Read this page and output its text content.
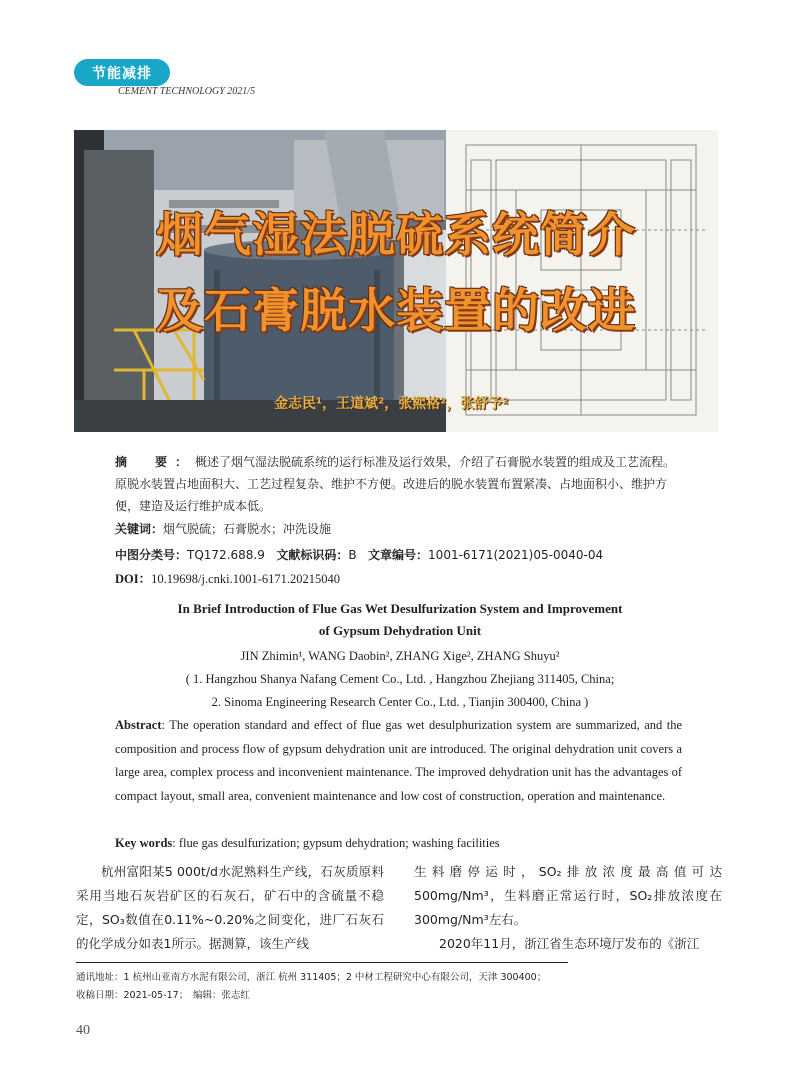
节能减排
CEMENT TECHNOLOGY 2021/5
烟气湿法脱硫系统简介
及石膏脱水装置的改进
金志民¹，王道斌²，张熙格²，张舒予²
摘　要：概述了烟气湿法脱硫系统的运行标准及运行效果，介绍了石膏脱水装置的组成及工艺流程。原脱水装置占地面积大、工艺过程复杂、维护不方便。改进后的脱水装置布置紧凑、占地面积小、维护方便，建造及运行维护成本低。
关键词：烟气脱硫；石膏脱水；冲洗设施
中图分类号：TQ172.688.9 文献标识码：B 文章编号：1001-6171(2021)05-0040-04
DOI：10.19698/j.cnki.1001-6171.20215040
In Brief Introduction of Flue Gas Wet Desulfurization System and Improvement
of Gypsum Dehydration Unit
JIN Zhimin¹, WANG Daobin², ZHANG Xige², ZHANG Shuyu²
( 1. Hangzhou Shanya Nafang Cement Co., Ltd. , Hangzhou Zhejiang 311405, China;
2. Sinoma Engineering Research Center Co., Ltd. , Tianjin 300400, China )
Abstract: The operation standard and effect of flue gas wet desulphurization system are summarized, and the composition and process flow of gypsum dehydration unit are introduced. The original dehydration unit covers a large area, complex process and inconvenient maintenance. The improved dehydration unit has the advantages of compact layout, small area, convenient maintenance and low cost of construction, operation and maintenance.
Key words: flue gas desulfurization; gypsum dehydration; washing facilities

杭州富阳某5 000t/d水泥熟料生产线，石灰质原料采用当地石灰岩矿区的石灰石，矿石中的含硫量不稳定，SO₃数值在0.11%~0.20%之间变化，进厂石灰石的化学成分如表1所示。据测算，该生产线

生料磨停运时，SO₂排放浓度最高值可达500mg/Nm³，生料磨正常运行时，SO₂排放浓度在300mg/Nm³左右。

2020年11月，浙江省生态环境厅发布的《浙江

通讯地址：1 杭州山亚南方水泥有限公司，浙江 杭州 311405；2 中材工程研究中心有限公司，天津 300400；
收稿日期：2021-05-17；　编辑：张志红
40
